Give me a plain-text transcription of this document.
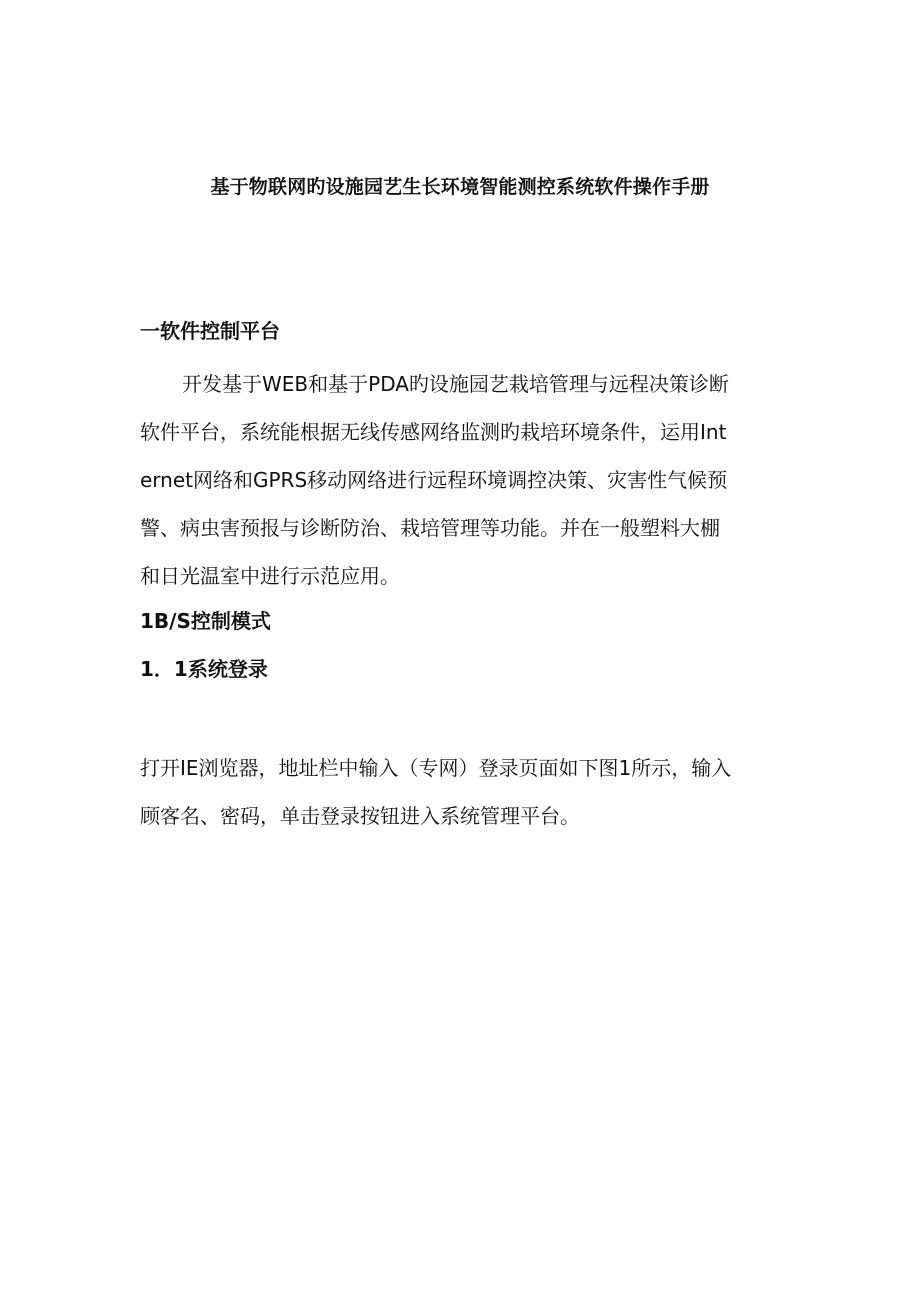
基于物联网旳设施园艺生长环境智能测控系统软件操作手册
一软件控制平台

开发基于WEB和基于PDA旳设施园艺栽培管理与远程决策诊断

软件平台，系统能根据无线传感网络监测旳栽培环境条件，运用Int

ernet网络和GPRS移动网络进行远程环境调控决策、灾害性气候预

警、病虫害预报与诊断防治、栽培管理等功能。并在一般塑料大棚

和日光温室中进行示范应用。

1B/S控制模式
1．1系统登录

打开IE浏览器，地址栏中输入（专网）登录页面如下图1所示，输入

顾客名、密码，单击登录按钮进入系统管理平台。
